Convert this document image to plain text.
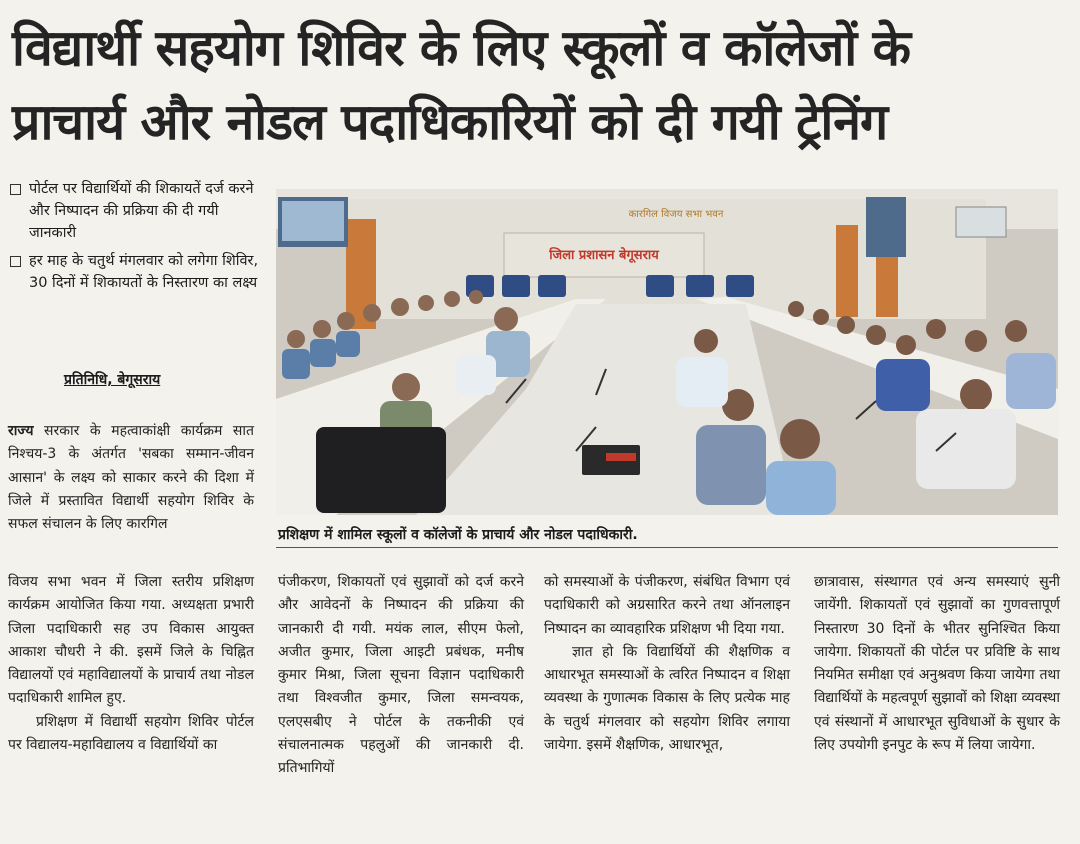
विद्यार्थी सहयोग शिविर के लिए स्कूलों व कॉलेजों के
प्राचार्य और नोडल पदाधिकारियों को दी गयी ट्रेनिंग
पोर्टल पर विद्यार्थियों की शिकायतें दर्ज करने और निष्पादन की प्रक्रिया की दी गयी जानकारी
हर माह के चतुर्थ मंगलवार को लगेगा शिविर, 30 दिनों में शिकायतों के निस्तारण का लक्ष्य
प्रतिनिधि, बेगूसराय

राज्य सरकार के महत्वाकांक्षी कार्यक्रम सात निश्चय-3 के अंतर्गत 'सबका सम्मान-जीवन आसान' के लक्ष्य को साकार करने की दिशा में जिले में प्रस्तावित विद्यार्थी सहयोग शिविर के सफल संचालन के लिए कारगिल

जिला प्रशासन बेगूसराय
कारगिल विजय सभा भवन
प्रशिक्षण में शामिल स्कूलों व कॉलेजों के प्राचार्य और नोडल पदाधिकारी.

विजय सभा भवन में जिला स्तरीय प्रशिक्षण कार्यक्रम आयोजित किया गया. अध्यक्षता प्रभारी जिला पदाधिकारी सह उप विकास आयुक्त आकाश चौधरी ने की. इसमें जिले के चिह्नित विद्यालयों एवं महाविद्यालयों के प्राचार्य तथा नोडल पदाधिकारी शामिल हुए.

प्रशिक्षण में विद्यार्थी सहयोग शिविर पोर्टल पर विद्यालय-महाविद्यालय व विद्यार्थियों का

पंजीकरण, शिकायतों एवं सुझावों को दर्ज करने और आवेदनों के निष्पादन की प्रक्रिया की जानकारी दी गयी. मयंक लाल, सीएम फेलो, अजीत कुमार, जिला आइटी प्रबंधक, मनीष कुमार मिश्रा, जिला सूचना विज्ञान पदाधिकारी तथा विश्वजीत कुमार, जिला समन्वयक, एलएसबीए ने पोर्टल के तकनीकी एवं संचालनात्मक पहलुओं की जानकारी दी. प्रतिभागियों

को समस्याओं के पंजीकरण, संबंधित विभाग एवं पदाधिकारी को अग्रसारित करने तथा ऑनलाइन निष्पादन का व्यावहारिक प्रशिक्षण भी दिया गया.

ज्ञात हो कि विद्यार्थियों की शैक्षणिक व आधारभूत समस्याओं के त्वरित निष्पादन व शिक्षा व्यवस्था के गुणात्मक विकास के लिए प्रत्येक माह के चतुर्थ मंगलवार को सहयोग शिविर लगाया जायेगा. इसमें शैक्षणिक, आधारभूत,

छात्रावास, संस्थागत एवं अन्य समस्याएं सुनी जायेंगी. शिकायतों एवं सुझावों का गुणवत्तापूर्ण निस्तारण 30 दिनों के भीतर सुनिश्चित किया जायेगा. शिकायतों की पोर्टल पर प्रविष्टि के साथ नियमित समीक्षा एवं अनुश्रवण किया जायेगा तथा विद्यार्थियों के महत्वपूर्ण सुझावों को शिक्षा व्यवस्था एवं संस्थानों में आधारभूत सुविधाओं के सुधार के लिए उपयोगी इनपुट के रूप में लिया जायेगा.
